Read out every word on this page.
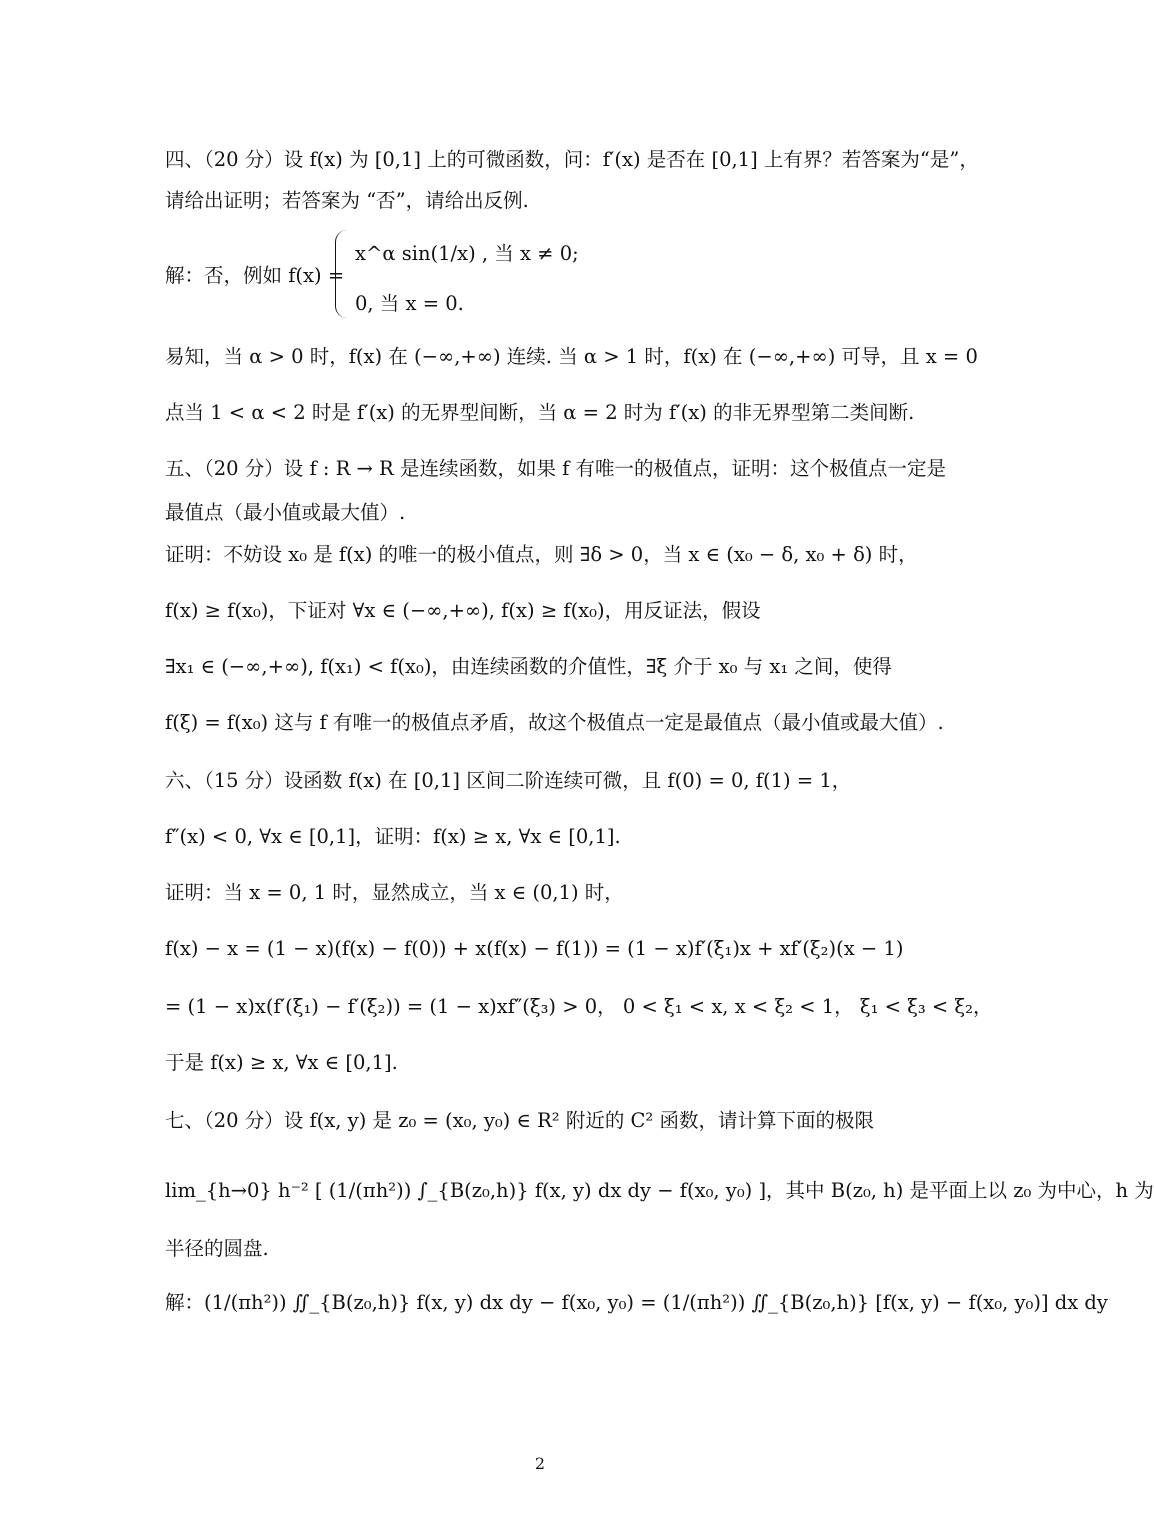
四、（20 分）设 f(x) 为 [0,1] 上的可微函数，问：f′(x) 是否在 [0,1] 上有界？若答案为“是”，
请给出证明；若答案为 “否”，请给出反例.
解：否，例如 f(x) =
x^α sin(1/x) , 当 x ≠ 0;
0, 当 x = 0.
易知，当 α > 0 时，f(x) 在 (−∞,+∞) 连续. 当 α > 1 时，f(x) 在 (−∞,+∞) 可导，且 x = 0
点当 1 < α < 2 时是 f′(x) 的无界型间断，当 α = 2 时为 f′(x) 的非无界型第二类间断.
五、（20 分）设 f : R → R 是连续函数，如果 f 有唯一的极值点，证明：这个极值点一定是
最值点（最小值或最大值）.
证明：不妨设 x₀ 是 f(x) 的唯一的极小值点，则 ∃δ > 0，当 x ∈ (x₀ − δ, x₀ + δ) 时，
f(x) ≥ f(x₀)，下证对 ∀x ∈ (−∞,+∞), f(x) ≥ f(x₀)，用反证法，假设
∃x₁ ∈ (−∞,+∞), f(x₁) < f(x₀)，由连续函数的介值性，∃ξ 介于 x₀ 与 x₁ 之间，使得
f(ξ) = f(x₀) 这与 f 有唯一的极值点矛盾，故这个极值点一定是最值点（最小值或最大值）.
六、（15 分）设函数 f(x) 在 [0,1] 区间二阶连续可微，且 f(0) = 0, f(1) = 1，
f″(x) < 0, ∀x ∈ [0,1]，证明：f(x) ≥ x, ∀x ∈ [0,1].
证明：当 x = 0, 1 时，显然成立，当 x ∈ (0,1) 时，
f(x) − x = (1 − x)(f(x) − f(0)) + x(f(x) − f(1)) = (1 − x)f′(ξ₁)x + xf′(ξ₂)(x − 1)
= (1 − x)x(f′(ξ₁) − f′(ξ₂)) = (1 − x)xf″(ξ₃) > 0， 0 < ξ₁ < x, x < ξ₂ < 1， ξ₁ < ξ₃ < ξ₂，
于是 f(x) ≥ x, ∀x ∈ [0,1].
七、（20 分）设 f(x, y) 是 z₀ = (x₀, y₀) ∈ R² 附近的 C² 函数，请计算下面的极限
lim_{h→0} h⁻² [ (1/(πh²)) ∫_{B(z₀,h)} f(x, y) dx dy − f(x₀, y₀) ]，其中 B(z₀, h) 是平面上以 z₀ 为中心，h 为
半径的圆盘.
解：(1/(πh²)) ∬_{B(z₀,h)} f(x, y) dx dy − f(x₀, y₀) = (1/(πh²)) ∬_{B(z₀,h)} [f(x, y) − f(x₀, y₀)] dx dy
2
